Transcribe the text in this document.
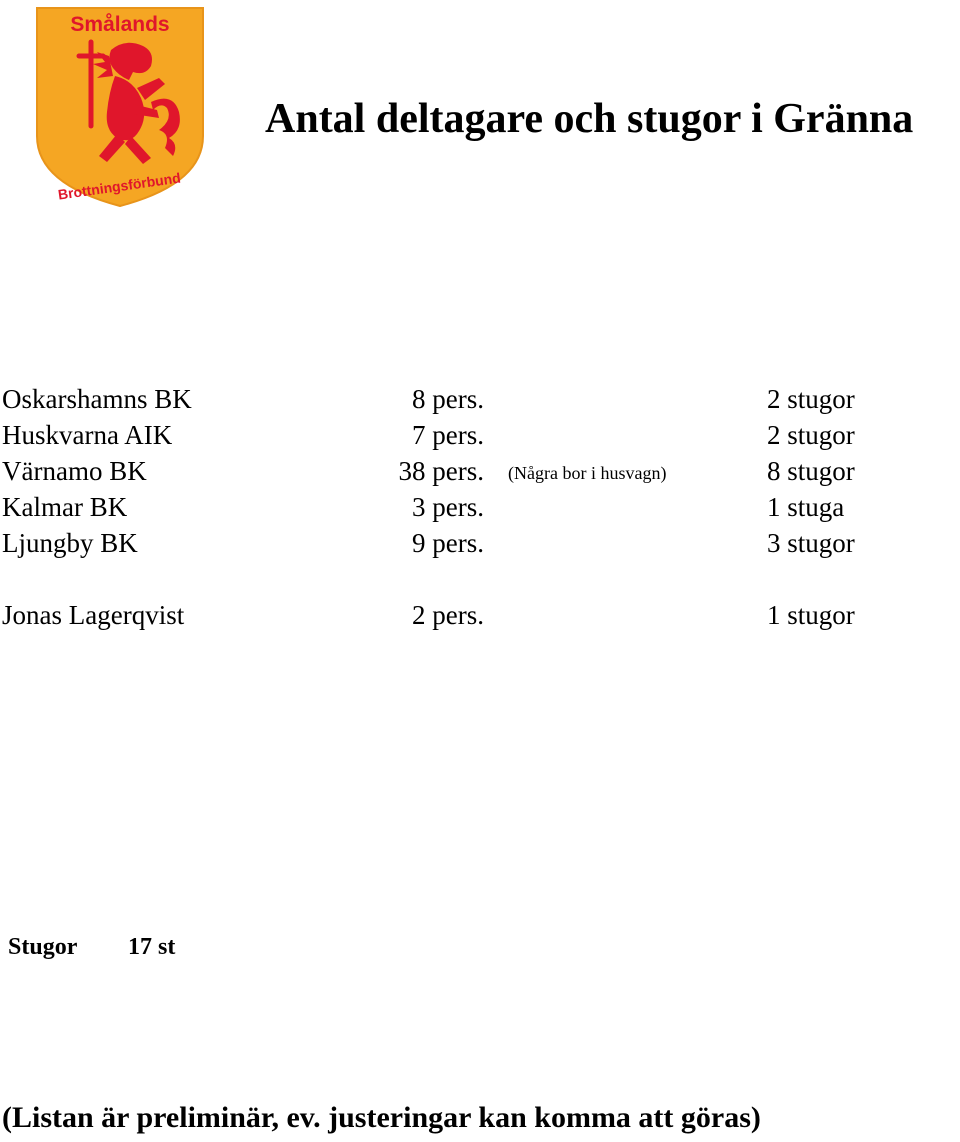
Smålands
Brottningsförbund
Antal deltagare och stugor i Gränna
Oskarshamns BK	8 pers.	2 stugor
Huskvarna AIK	7 pers.	2 stugor
Värnamo BK	38 pers. (Några bor i husvagn)	8 stugor
Kalmar BK	3 pers.	1 stuga
Ljungby BK	9 pers.	3 stugor
Jonas Lagerqvist	2 pers.	1 stugor
Stugor 17 st
(Listan är preliminär, ev. justeringar kan komma att göras)
